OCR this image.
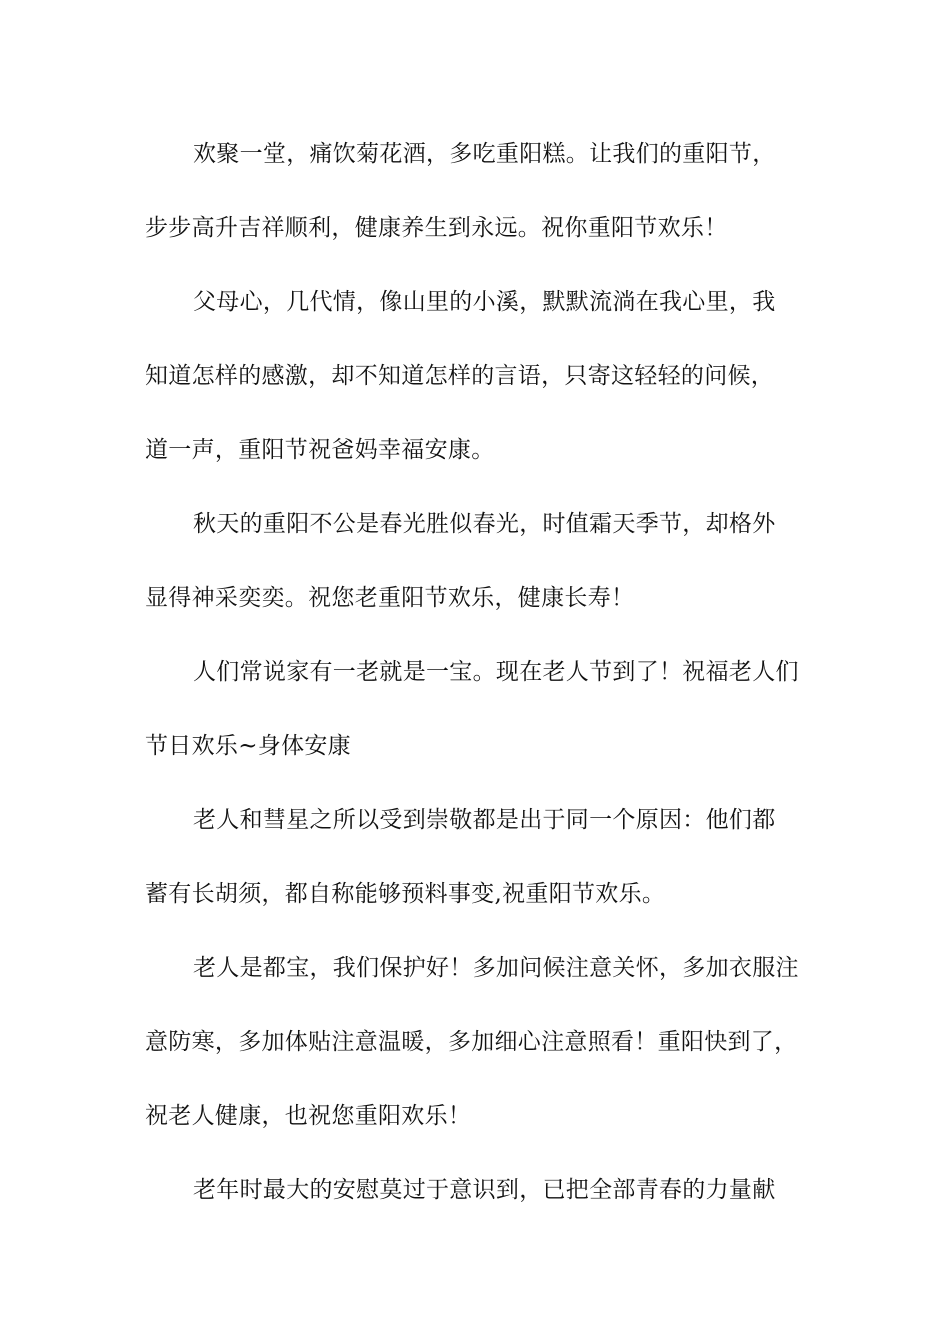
欢聚一堂，痛饮菊花酒，多吃重阳糕。让我们的重阳节，

步步高升吉祥顺利，健康养生到永远。祝你重阳节欢乐！

父母心，几代情，像山里的小溪，默默流淌在我心里，我

知道怎样的感激，却不知道怎样的言语，只寄这轻轻的问候，

道一声，重阳节祝爸妈幸福安康。

秋天的重阳不公是春光胜似春光，时值霜天季节，却格外

显得神采奕奕。祝您老重阳节欢乐，健康长寿！

人们常说家有一老就是一宝。现在老人节到了！祝福老人们

节日欢乐~身体安康

老人和彗星之所以受到崇敬都是出于同一个原因：他们都

蓄有长胡须，都自称能够预料事变,祝重阳节欢乐。

老人是都宝，我们保护好！多加问候注意关怀，多加衣服注

意防寒，多加体贴注意温暖，多加细心注意照看！重阳快到了，

祝老人健康，也祝您重阳欢乐！

老年时最大的安慰莫过于意识到，已把全部青春的力量献
